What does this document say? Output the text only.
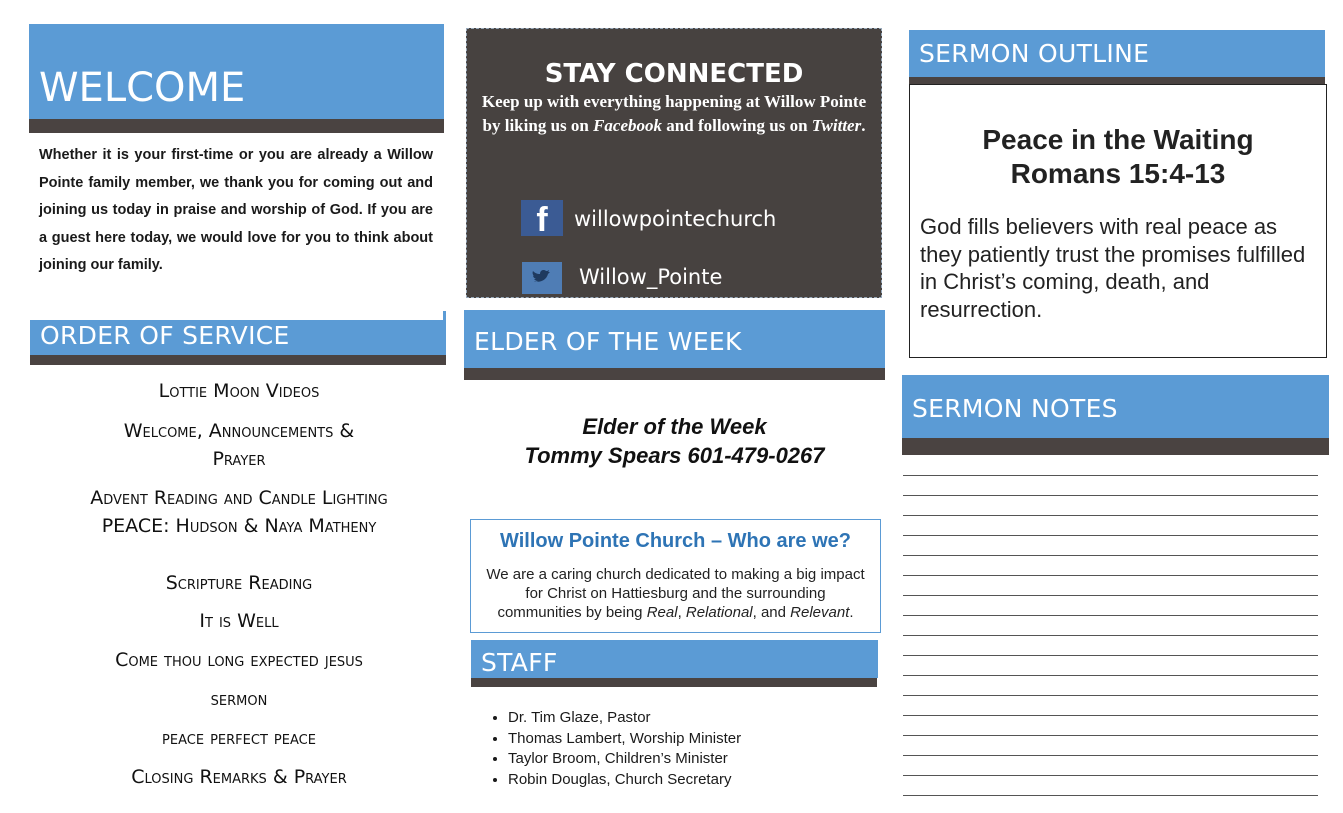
WELCOME
Whether it is your first-time or you are already a Willow Pointe family member, we thank you for coming out and joining us today in praise and worship of God. If you are a guest here today, we would love for you to think about joining our family.
ORDER OF SERVICE
Lottie Moon Videos
Welcome, Announcements &
Prayer
Advent Reading and Candle Lighting
PEACE: Hudson & Naya Matheny
Scripture Reading
It is Well
Come thou long expected jesus
sermon
peace perfect peace
Closing Remarks & Prayer
STAY CONNECTED

Keep up with everything happening at Willow Pointe by liking us on Facebook and following us on Twitter.

f	willowpointechurch
Willow_Pointe
ELDER OF THE WEEK
Elder of the Week
Tommy Spears 601-479-0267
Willow Pointe Church – Who are we?

We are a caring church dedicated to making a big impact for Christ on Hattiesburg and the surrounding communities by being Real, Relational, and Relevant.

STAFF
• Dr. Tim Glaze, Pastor
• Thomas Lambert, Worship Minister
• Taylor Broom, Children’s Minister
• Robin Douglas, Church Secretary
SERMON OUTLINE
Peace in the Waiting
Romans 15:4-13
God fills believers with real peace as they patiently trust the promises fulfilled in Christ’s coming, death, and resurrection.
SERMON NOTES
